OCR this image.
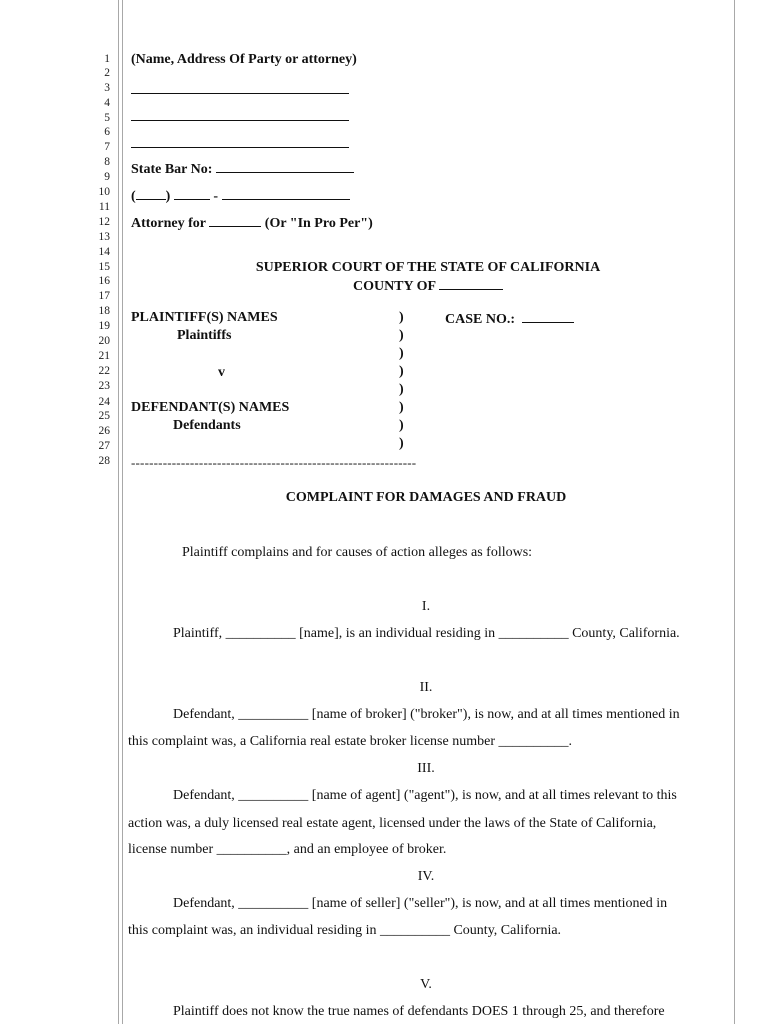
1
2
3
4
5
6
7
8
9
10
11
12
13
14
15
16
17
18
19
20
21
22
23
24
25
26
27
28
(Name, Address Of Party or attorney)
State Bar No:
( )	-
Attorney for	(Or "In Pro Per")
SUPERIOR COURT OF THE STATE OF CALIFORNIA
COUNTY OF
PLAINTIFF(S) NAMES
Plaintiffs
v
DEFENDANT(S) NAMES
Defendants
)
)
)
)
)
)
)
)
CASE NO.:
---------------------------------------------------------------
COMPLAINT FOR DAMAGES AND FRAUD
Plaintiff complains and for causes of action alleges as follows:
I.
Plaintiff, __________ [name], is an individual residing in __________ County, California.
II.
Defendant, __________ [name of broker] ("broker"), is now, and at all times mentioned in
this complaint was, a California real estate broker license number __________.
III.
Defendant, __________ [name of agent] ("agent"), is now, and at all times relevant to this
action was, a duly licensed real estate agent, licensed under the laws of the State of California,
license number __________, and an employee of broker.
IV.
Defendant, __________ [name of seller] ("seller"), is now, and at all times mentioned in
this complaint was, an individual residing in __________ County, California.
V.
Plaintiff does not know the true names of defendants DOES 1 through 25, and therefore
